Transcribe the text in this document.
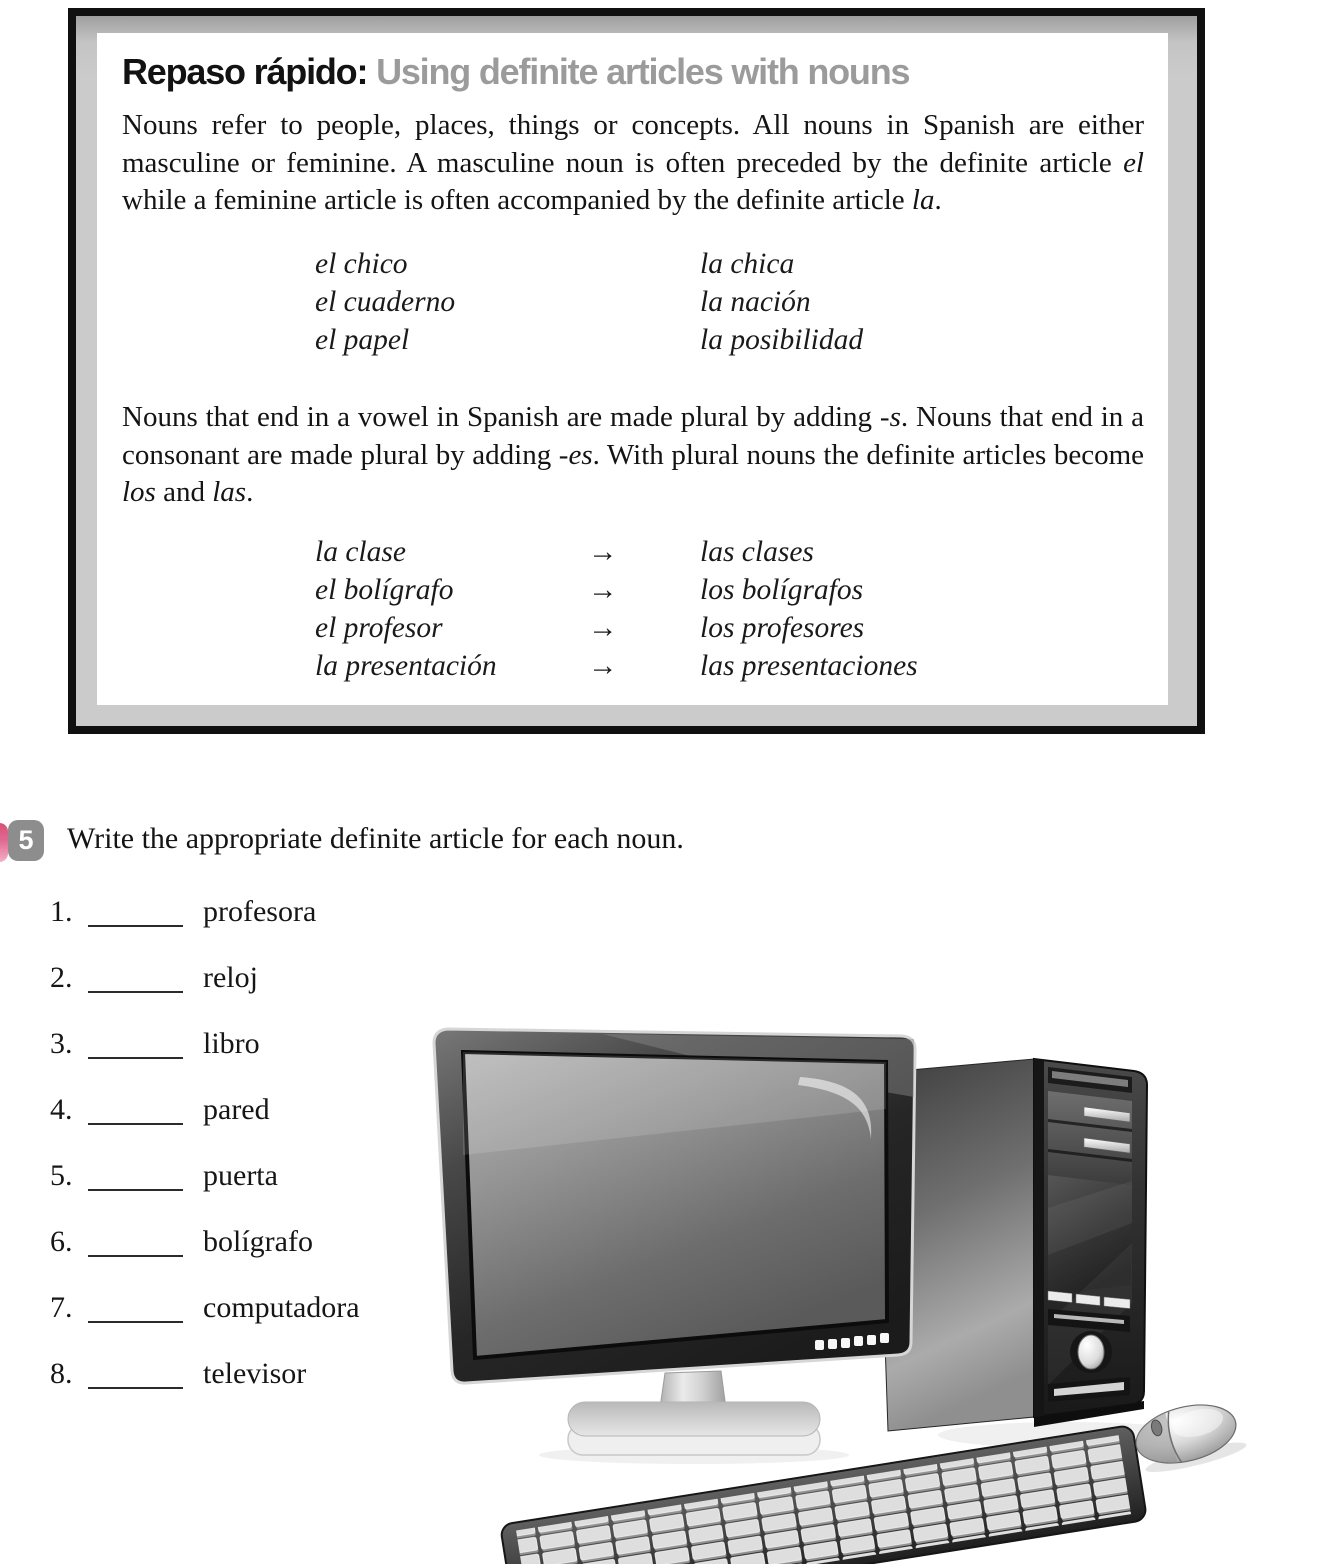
Repaso rápido: Using definite articles with nouns

Nouns refer to people, places, things or concepts. All nouns in Spanish are either masculine or feminine. A masculine noun is often preceded by the definite article el while a feminine article is often accompanied by the definite article la.

el chico	la chica
el cuaderno	la nación
el papel	la posibilidad

Nouns that end in a vowel in Spanish are made plural by adding -s. Nouns that end in a consonant are made plural by adding -es. With plural nouns the definite articles become los and las.

la clase	→	las clases
el bolígrafo	→	los bolígrafos
el profesor	→	los profesores
la presentación	→	las presentaciones
5	Write the appropriate definite article for each noun.
1.	profesora
2.	reloj
3.	libro
4.	pared
5.	puerta
6.	bolígrafo
7.	computadora
8.	televisor
